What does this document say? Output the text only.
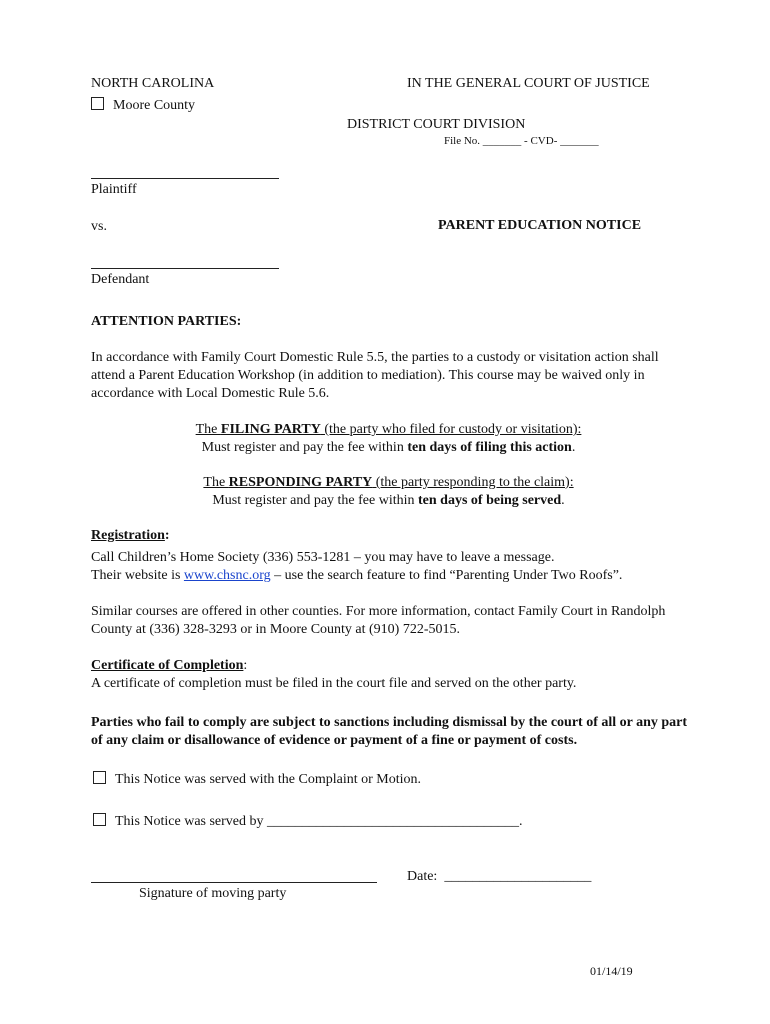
NORTH CAROLINA
Moore County
IN THE GENERAL COURT OF JUSTICE
DISTRICT COURT DIVISION
File No. _______ - CVD- _______
Plaintiff
vs.	PARENT EDUCATION NOTICE
Defendant
ATTENTION PARTIES:
In accordance with Family Court Domestic Rule 5.5, the parties to a custody or visitation action shall attend a Parent Education Workshop (in addition to mediation). This course may be waived only in accordance with Local Domestic Rule 5.6.
The FILING PARTY (the party who filed for custody or visitation):
Must register and pay the fee within ten days of filing this action.
The RESPONDING PARTY (the party responding to the claim):
Must register and pay the fee within ten days of being served.
Registration:
Call Children’s Home Society (336) 553-1281 – you may have to leave a message.
Their website is www.chsnc.org – use the search feature to find “Parenting Under Two Roofs”.
Similar courses are offered in other counties. For more information, contact Family Court in Randolph County at (336) 328-3293 or in Moore County at (910) 722-5015.
Certificate of Completion:
A certificate of completion must be filed in the court file and served on the other party.
Parties who fail to comply are subject to sanctions including dismissal by the court of all or any part of any claim or disallowance of evidence or payment of a fine or payment of costs.
This Notice was served with the Complaint or Motion.
This Notice was served by ____________________________________.
Signature of moving party
Date: _____________________
01/14/19
